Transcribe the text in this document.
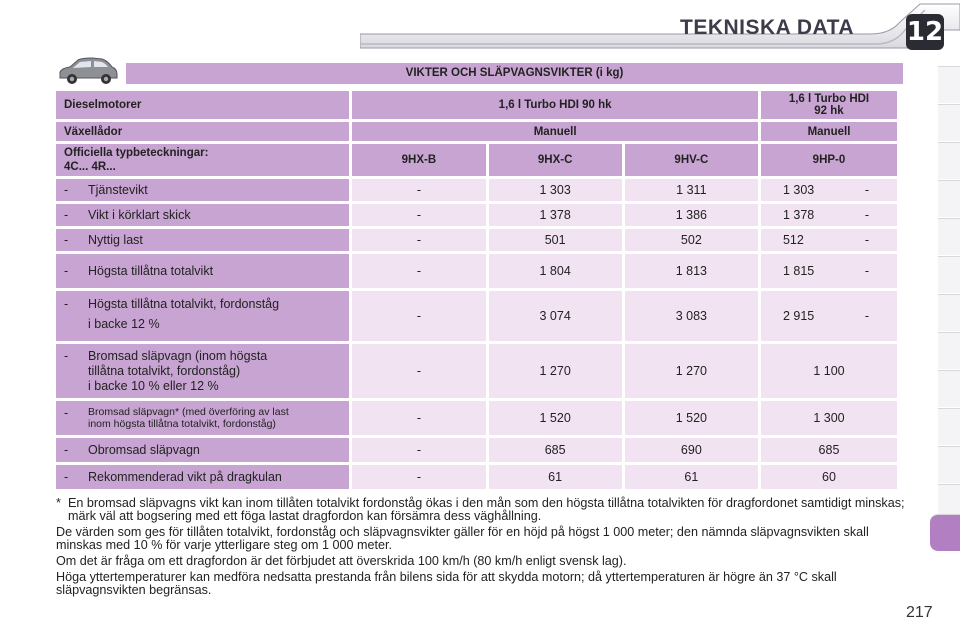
TEKNISKA DATA 12
VIKTER OCH SLÄPVAGNSVIKTER (i kg)
Dieselmotorer	1,6 l Turbo HDI 90 hk			1,6 l Turbo HDI
92 hk

Växellådor	Manuell			Manuell

Officiella typbeteckningar:
4C... 4R...	9HX-B	9HX-C	9HV-C	9HP-0

- Tjänstevikt	-	1 303	1 311	1 303 -

- Vikt i körklart skick	-	1 378	1 386	1 378 -

- Nyttig last	-	501	502	512 -

- Högsta tillåtna totalvikt	-	1 804	1 813	1 815 -

- Högsta tillåtna totalvikt, fordonståg
i backe 12 %	-	3 074	3 083	2 915 -

- Bromsad släpvagn (inom högsta
tillåtna totalvikt, fordonståg)
i backe 10 % eller 12 %	-	1 270	1 270	1 100

- Bromsad släpvagn* (med överföring av last
inom högsta tillåtna totalvikt, fordonståg)	-	1 520	1 520	1 300

- Obromsad släpvagn	-	685	690	685

- Rekommenderad vikt på dragkulan	-	61	61	60

* En bromsad släpvagns vikt kan inom tillåten totalvikt fordonståg ökas i den mån som den högsta tillåtna totalvikten för dragfordonet samtidigt minskas; märk väl att bogsering med ett föga lastat dragfordon kan försämra dess väghållning.

De värden som ges för tillåten totalvikt, fordonståg och släpvagnsvikter gäller för en höjd på högst 1 000 meter; den nämnda släpvagnsvikten skall minskas med 10 % för varje ytterligare steg om 1 000 meter.

Om det är fråga om ett dragfordon är det förbjudet att överskrida 100 km/h (80 km/h enligt svensk lag).

Höga yttertemperaturer kan medföra nedsatta prestanda från bilens sida för att skydda motorn; då yttertemperaturen är högre än 37 °C skall släpvagnsvikten begränsas.

217
